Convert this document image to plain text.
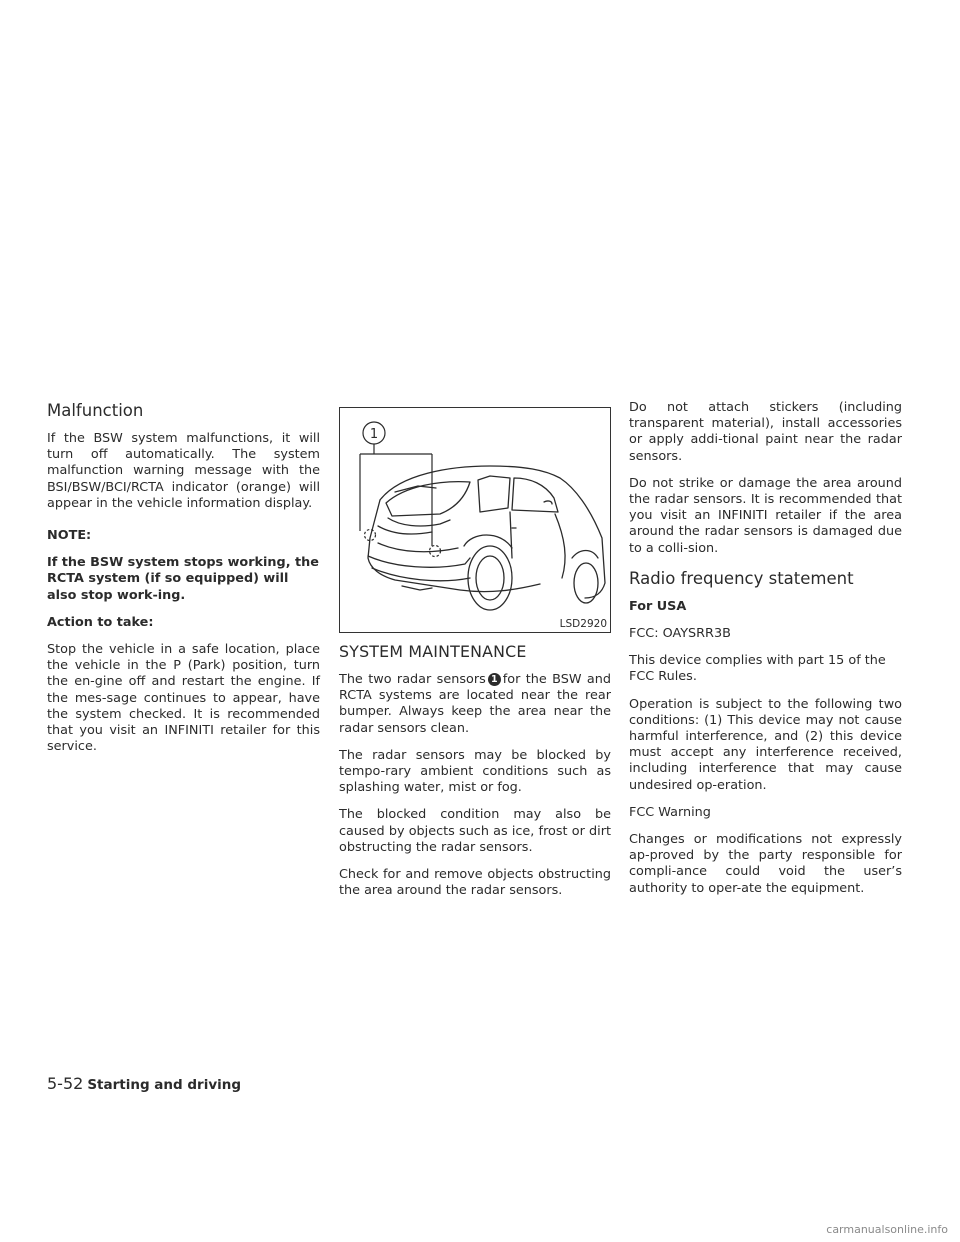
Malfunction

If the BSW system malfunctions, it will turn off automatically. The system malfunction warning message with the BSI/BSW/BCI/RCTA indicator (orange) will appear in the vehicle information display.

NOTE:

If the BSW system stops working, the RCTA system (if so equipped) will also stop work-ing.

Action to take:

Stop the vehicle in a safe location, place the vehicle in the P (Park) position, turn the en-gine off and restart the engine. If the mes-sage continues to appear, have the system checked. It is recommended that you visit an INFINITI retailer for this service.

1
LSD2920
SYSTEM MAINTENANCE

The two radar sensors 1 for the BSW and RCTA systems are located near the rear bumper. Always keep the area near the radar sensors clean.

The radar sensors may be blocked by tempo-rary ambient conditions such as splashing water, mist or fog.

The blocked condition may also be caused by objects such as ice, frost or dirt obstructing the radar sensors.

Check for and remove objects obstructing the area around the radar sensors.

Do not attach stickers (including transparent material), install accessories or apply addi-tional paint near the radar sensors.

Do not strike or damage the area around the radar sensors. It is recommended that you visit an INFINITI retailer if the area around the radar sensors is damaged due to a colli-sion.

Radio frequency statement

For USA

FCC: OAYSRR3B

This device complies with part 15 of the FCC Rules.

Operation is subject to the following two conditions: (1) This device may not cause harmful interference, and (2) this device must accept any interference received, including interference that may cause undesired op-eration.

FCC Warning

Changes or modifications not expressly ap-proved by the party responsible for compli-ance could void the user’s authority to oper-ate the equipment.

5-52 Starting and driving
carmanualsonline.info
